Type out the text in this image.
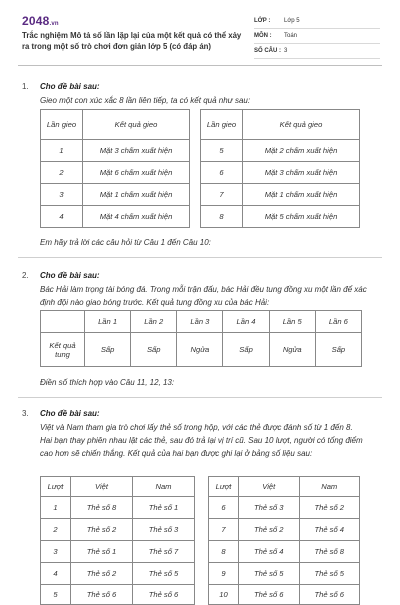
2048.vn
Trắc nghiệm Mô tả số lần lặp lại của một kết quả có thể xảy ra trong một số trò chơi đơn giản lớp 5 (có đáp án)
LỚP :	Lớp 5
MÔN :	Toán
SỐ CÂU : 3
1. Cho đề bài sau:
Gieo một con xúc xắc 8 lần liên tiếp, ta có kết quả như sau:
Lần gieo	Kết quả gieo
1	Mặt 3 chấm xuất hiện
2	Mặt 6 chấm xuất hiện
3	Mặt 1 chấm xuất hiện
4	Mặt 4 chấm xuất hiện
Lần gieo	Kết quả gieo
5	Mặt 2 chấm xuất hiện
6	Mặt 3 chấm xuất hiện
7	Mặt 1 chấm xuất hiện
8	Mặt 5 chấm xuất hiện
Em hãy trả lời các câu hỏi từ Câu 1 đến Câu 10:
2. Cho đề bài sau:
Bác Hải làm trọng tài bóng đá. Trong mỗi trận đấu, bác Hải đều tung đồng xu một lần để xác định đội nào giao bóng trước. Kết quả tung đồng xu của bác Hải:
	Lần 1	Lần 2	Lần 3	Lần 4	Lần 5	Lần 6
Kết quả tung	Sấp	Sấp	Ngửa	Sấp	Ngửa	Sấp
Điền số thích hợp vào Câu 11, 12, 13:
3. Cho đề bài sau:
Việt và Nam tham gia trò chơi lấy thẻ số trong hộp, với các thẻ được đánh số từ 1 đến 8. Hai bạn thay phiên nhau lật các thẻ, sau đó trả lại vị trí cũ. Sau 10 lượt, người có tổng điểm cao hơn sẽ chiến thắng. Kết quả của hai bạn được ghi lại ở bảng số liệu sau:
Lượt	Việt	Nam
1	Thẻ số 8	Thẻ số 1
2	Thẻ số 2	Thẻ số 3
3	Thẻ số 1	Thẻ số 7
4	Thẻ số 2	Thẻ số 5
5	Thẻ số 6	Thẻ số 6
Lượt	Việt	Nam
6	Thẻ số 3	Thẻ số 2
7	Thẻ số 2	Thẻ số 4
8	Thẻ số 4	Thẻ số 8
9	Thẻ số 5	Thẻ số 5
10	Thẻ số 6	Thẻ số 6
